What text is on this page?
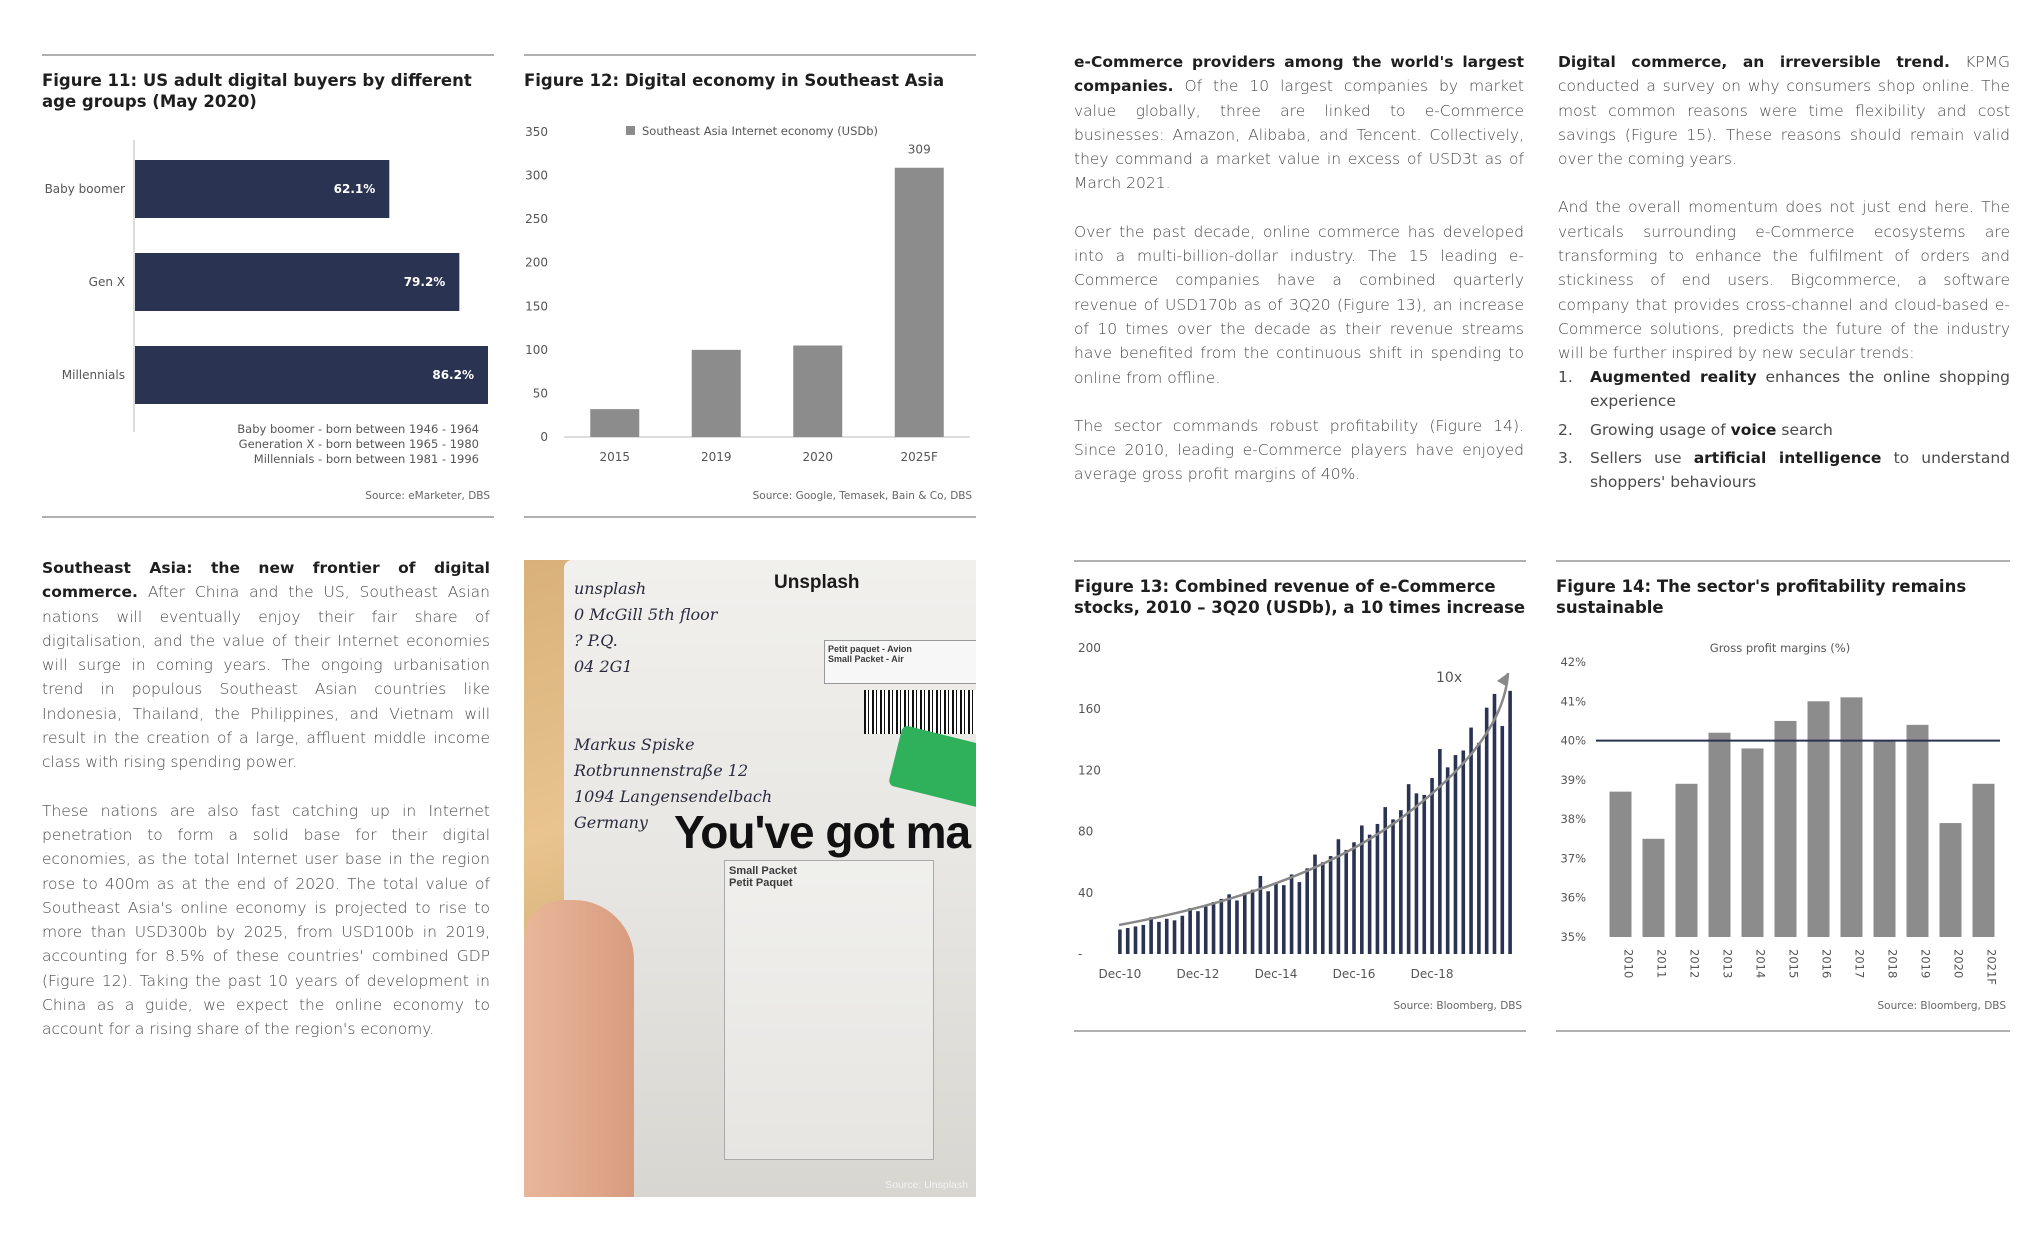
Figure 11: US adult digital buyers by different age groups (May 2020)
Baby boomer	62.1%
Gen X	79.2%
Millennials	86.2%
Baby boomer - born between 1946 - 1964
Generation X - born between 1965 - 1980
Millennials - born between 1981 - 1996
Source: eMarketer, DBS
Figure 12: Digital economy in Southeast Asia
0
50
100
150
200
250
300
350	Southeast Asia Internet economy (USDb)
2015	2019	2020	2025F
309
Source: Google, Temasek, Bain & Co, DBS

e-Commerce providers among the world's largest companies. Of the 10 largest companies by market value globally, three are linked to e-Commerce businesses: Amazon, Alibaba, and Tencent. Collectively, they command a market value in excess of USD3t as of March 2021.

Over the past decade, online commerce has developed into a multi-billion-dollar industry. The 15 leading e-Commerce companies have a combined quarterly revenue of USD170b as of 3Q20 (Figure 13), an increase of 10 times over the decade as their revenue streams have benefited from the continuous shift in spending to online from offline.

The sector commands robust profitability (Figure 14). Since 2010, leading e-Commerce players have enjoyed average gross profit margins of 40%.

Digital commerce, an irreversible trend. KPMG conducted a survey on why consumers shop online. The most common reasons were time flexibility and cost savings (Figure 15). These reasons should remain valid over the coming years.

And the overall momentum does not just end here. The verticals surrounding e-Commerce ecosystems are transforming to enhance the fulfilment of orders and stickiness of end users. Bigcommerce, a software company that provides cross-channel and cloud-based e-Commerce solutions, predicts the future of the industry will be further inspired by new secular trends:

1.	Augmented reality enhances the online shopping experience
2.	Growing usage of voice search
3.	Sellers use artificial intelligence to understand shoppers' behaviours

Southeast Asia: the new frontier of digital commerce. After China and the US, Southeast Asian nations will eventually enjoy their fair share of digitalisation, and the value of their Internet economies will surge in coming years. The ongoing urbanisation trend in populous Southeast Asian countries like Indonesia, Thailand, the Philippines, and Vietnam will result in the creation of a large, affluent middle income class with rising spending power.

These nations are also fast catching up in Internet penetration to form a solid base for their digital economies, as the total Internet user base in the region rose to 400m as at the end of 2020. The total value of Southeast Asia's online economy is projected to rise to more than USD300b by 2025, from USD100b in 2019, accounting for 8.5% of these countries' combined GDP (Figure 12). Taking the past 10 years of development in China as a guide, we expect the online economy to account for a rising share of the region's economy.

Unsplash
unsplash
0 McGill 5th floor
? P.Q.
04 2G1

Markus Spiske
Rotbrunnenstraße 12
1094 Langensendelbach
Germany
Petit paquet - Avion
Small Packet - Air
You've got ma
Small Packet
Petit Paquet
Source: Unsplash
Figure 13: Combined revenue of e-Commerce stocks, 2010 – 3Q20 (USDb), a 10 times increase
-
40
80
120
160
200
Dec-10	Dec-12	Dec-14	Dec-16	Dec-18
10x
Source: Bloomberg, DBS
Figure 14: The sector's profitability remains sustainable
Gross profit margins (%)
35%
36%
37%
38%
39%
40%
41%
42%
2010 2011 2012 2013 2014 2015 2016 2017 2018 2019 2020 2021F
Source: Bloomberg, DBS
